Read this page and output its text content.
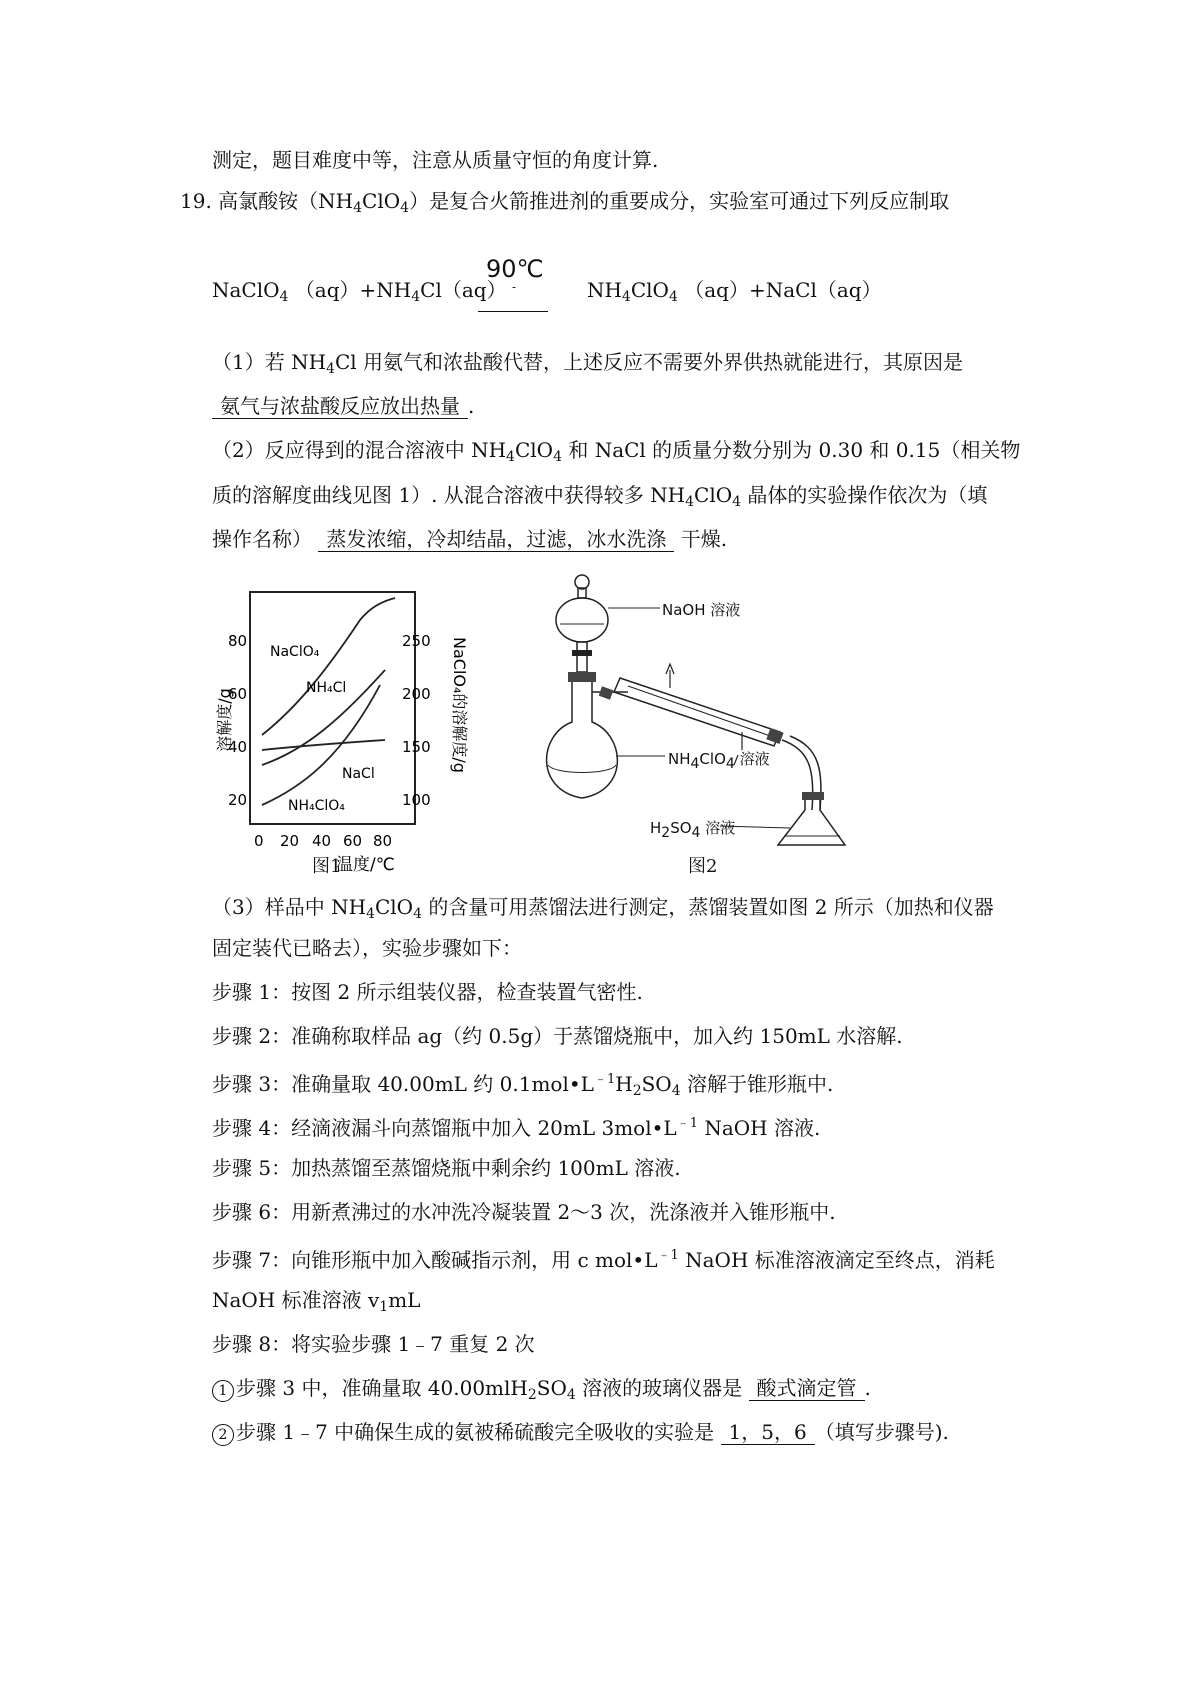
测定，题目难度中等，注意从质量守恒的角度计算.
19. 高氯酸铵$(NH_4ClO_4)$是复合火箭推进剂的重要成分，实验室可通过下列反应制取
90℃
-
NaClO$_4$ $(aq)+NH_4Cl(aq)$	$NH_4ClO_4$ （aq）+NaCl（aq）
（1）若 $NH_4Cl$ 用氨气和浓盐酸代替，上述反应不需要外界供热就能进行，其原因是
氨气与浓盐酸反应放出热量 .
（2）反应得到的混合溶液中 $NH_4ClO_4$ 和 NaCl 的质量分数分别为 0.30 和 0.15（相关物
质的溶解度曲线见图 1）. 从混合溶液中获得较多 $NH_4ClO_4$ 晶体的实验操作依次为（填
操作名称） 蒸发浓缩，冷却结晶，过滤，冰水洗涤 干燥.
80
60
40
20
250
200
150
100
0 20 40 60 80
温度/℃
NaClO₄
NH₄Cl
NaCl
NH₄ClO₄
溶解度/g	NaClO₄的溶解度/g
图1
NaOH 溶液
$NH_4ClO_4$ 溶液
$H_2SO_4$ 溶液
图2
（3）样品中 $NH_4ClO_4$ 的含量可用蒸馏法进行测定，蒸馏装置如图 2 所示（加热和仪器
固定装代已略去），实验步骤如下：
步骤 1：按图 2 所示组装仪器，检查装置气密性.
步骤 2：准确称取样品 ag（约 0.5g）于蒸馏烧瓶中，加入约 150mL 水溶解.
步骤 3：准确量取 40.00mL 约 $0.1mol•L^{﹣1}H_2SO_4$ 溶解于锥形瓶中.
步骤 4：经滴液漏斗向蒸馏瓶中加入 20mL $3mol•L^{﹣1}$ NaOH 溶液.
步骤 5：加热蒸馏至蒸馏烧瓶中剩余约 100mL 溶液.
步骤 6：用新煮沸过的水冲洗冷凝装置 2～3 次，洗涤液并入锥形瓶中.
步骤 7：向锥形瓶中加入酸碱指示剂，用 c $mol•L^{﹣1}$ NaOH 标准溶液滴定至终点，消耗
NaOH 标准溶液 $v_1mL$
步骤 8：将实验步骤 1﹣7 重复 2 次
1 步骤 3 中，准确量取 $40.00mlH_2SO_4$ 溶液的玻璃仪器是 酸式滴定管 .
2 步骤 1﹣7 中确保生成的氨被稀硫酸完全吸收的实验是 1，5，6 （填写步骤号).
